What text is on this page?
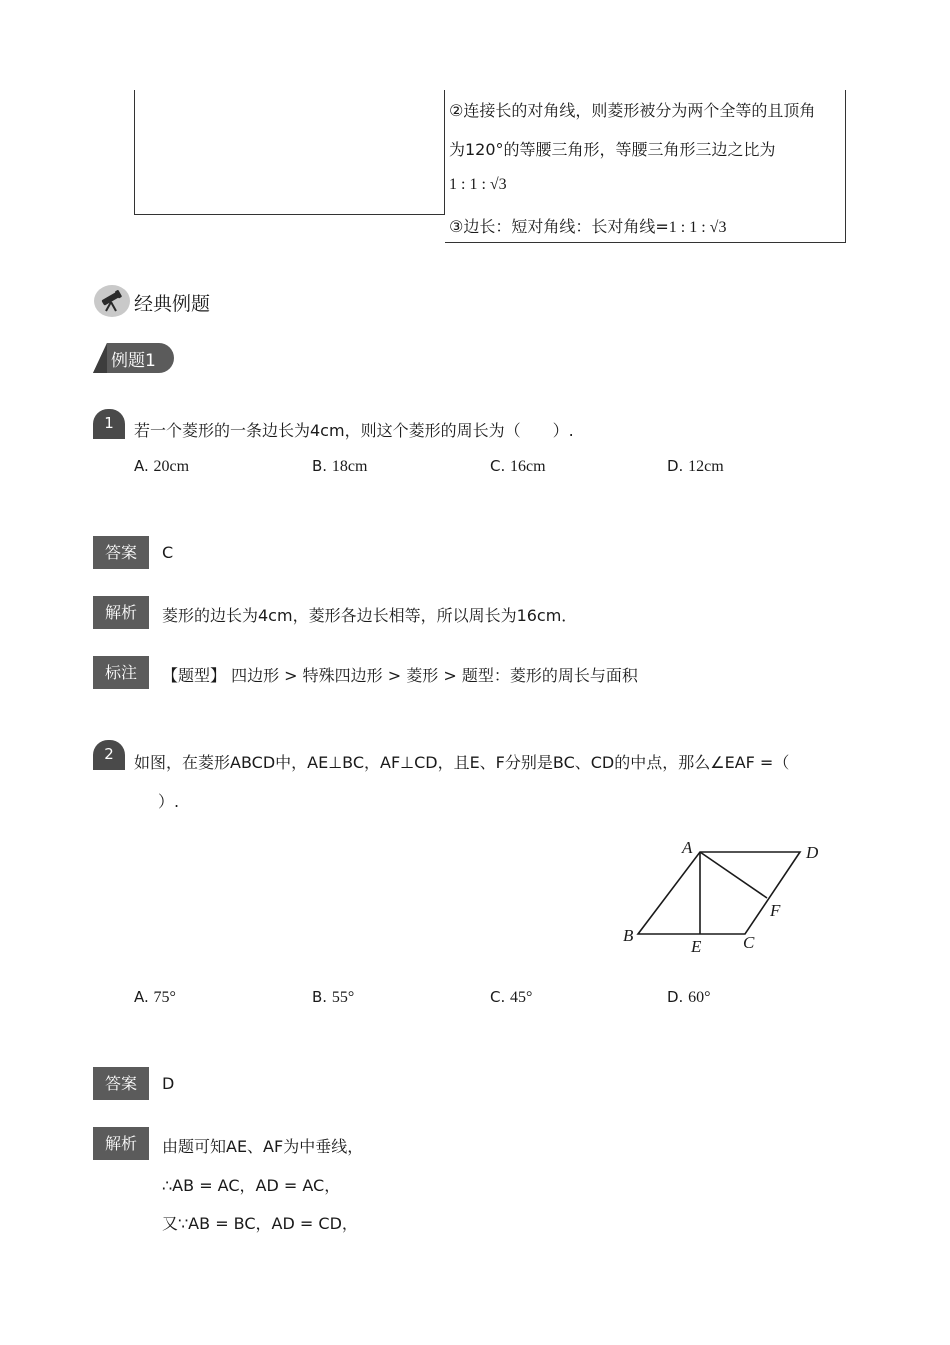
②连接长的对角线，则菱形被分为两个全等的且顶角
为120°的等腰三角形，等腰三角形三边之比为
1 : 1 : √3
③边长：短对角线：长对角线=1 : 1 : √3
经典例题
例题1
1	若一个菱形的一条边长为4cm，则这个菱形的周长为（　　）.
A. 20cm	B. 18cm	C. 16cm	D. 12cm
答案	C
解析	菱形的边长为4cm，菱形各边长相等，所以周长为16cm．
标注	【题型】 四边形 > 特殊四边形 > 菱形 > 题型：菱形的周长与面积
2	如图，在菱形ABCD中，AE⊥BC，AF⊥CD，且E、F分别是BC、CD的中点，那么∠EAF =（
）.
A	D
F
B
E C
A. 75°	B. 55°	C. 45°	D. 60°
答案	D
解析	由题可知AE、AF为中垂线，
∴AB = AC，AD = AC，
又∵AB = BC，AD = CD，
